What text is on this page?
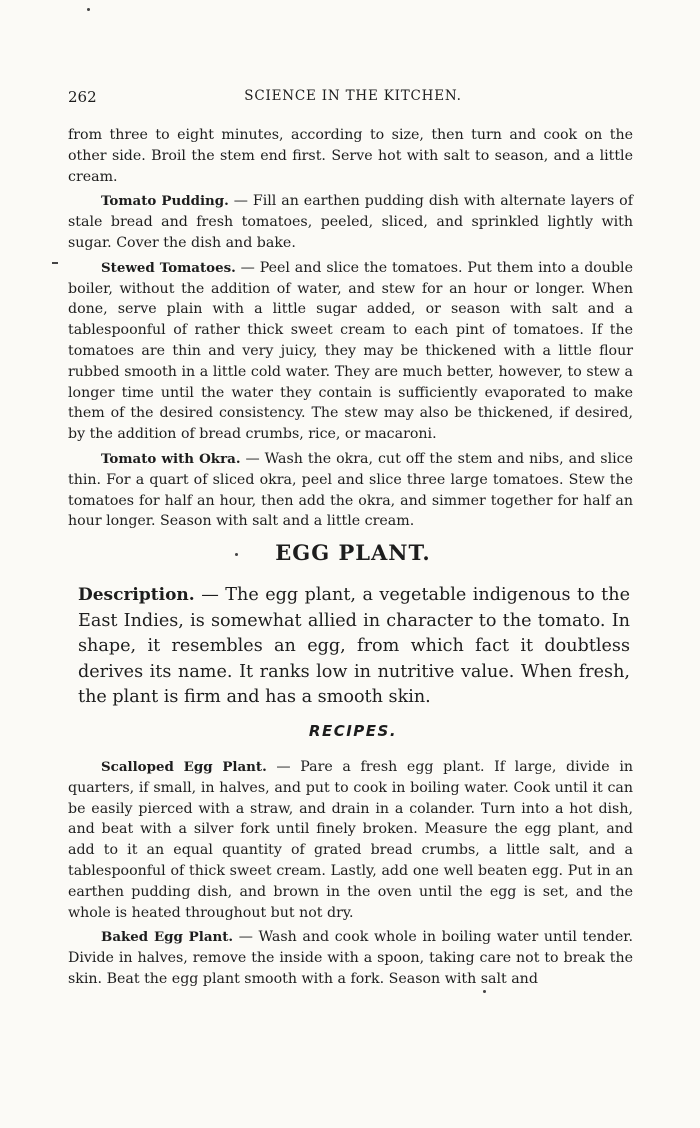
262	SCIENCE IN THE KITCHEN.

from three to eight minutes, according to size, then turn and cook on the other side. Broil the stem end first. Serve hot with salt to season, and a little cream.

Tomato Pudding. — Fill an earthen pudding dish with alternate layers of stale bread and fresh tomatoes, peeled, sliced, and sprinkled lightly with sugar. Cover the dish and bake.

Stewed Tomatoes. — Peel and slice the tomatoes. Put them into a double boiler, without the addition of water, and stew for an hour or longer. When done, serve plain with a little sugar added, or season with salt and a tablespoonful of rather thick sweet cream to each pint of tomatoes. If the tomatoes are thin and very juicy, they may be thickened with a little flour rubbed smooth in a little cold water. They are much better, however, to stew a longer time until the water they contain is sufficiently evaporated to make them of the desired consistency. The stew may also be thickened, if desired, by the addition of bread crumbs, rice, or macaroni.

Tomato with Okra. — Wash the okra, cut off the stem and nibs, and slice thin. For a quart of sliced okra, peel and slice three large tomatoes. Stew the tomatoes for half an hour, then add the okra, and simmer together for half an hour longer. Season with salt and a little cream.

EGG PLANT.

Description. — The egg plant, a vegetable indigenous to the East Indies, is somewhat allied in character to the tomato. In shape, it resembles an egg, from which fact it doubtless derives its name. It ranks low in nutritive value. When fresh, the plant is firm and has a smooth skin.

RECIPES.

Scalloped Egg Plant. — Pare a fresh egg plant. If large, divide in quarters, if small, in halves, and put to cook in boiling water. Cook until it can be easily pierced with a straw, and drain in a colander. Turn into a hot dish, and beat with a silver fork until finely broken. Measure the egg plant, and add to it an equal quantity of grated bread crumbs, a little salt, and a tablespoonful of thick sweet cream. Lastly, add one well beaten egg. Put in an earthen pudding dish, and brown in the oven until the egg is set, and the whole is heated throughout but not dry.

Baked Egg Plant. — Wash and cook whole in boiling water until tender. Divide in halves, remove the inside with a spoon, taking care not to break the skin. Beat the egg plant smooth with a fork. Season with salt and
